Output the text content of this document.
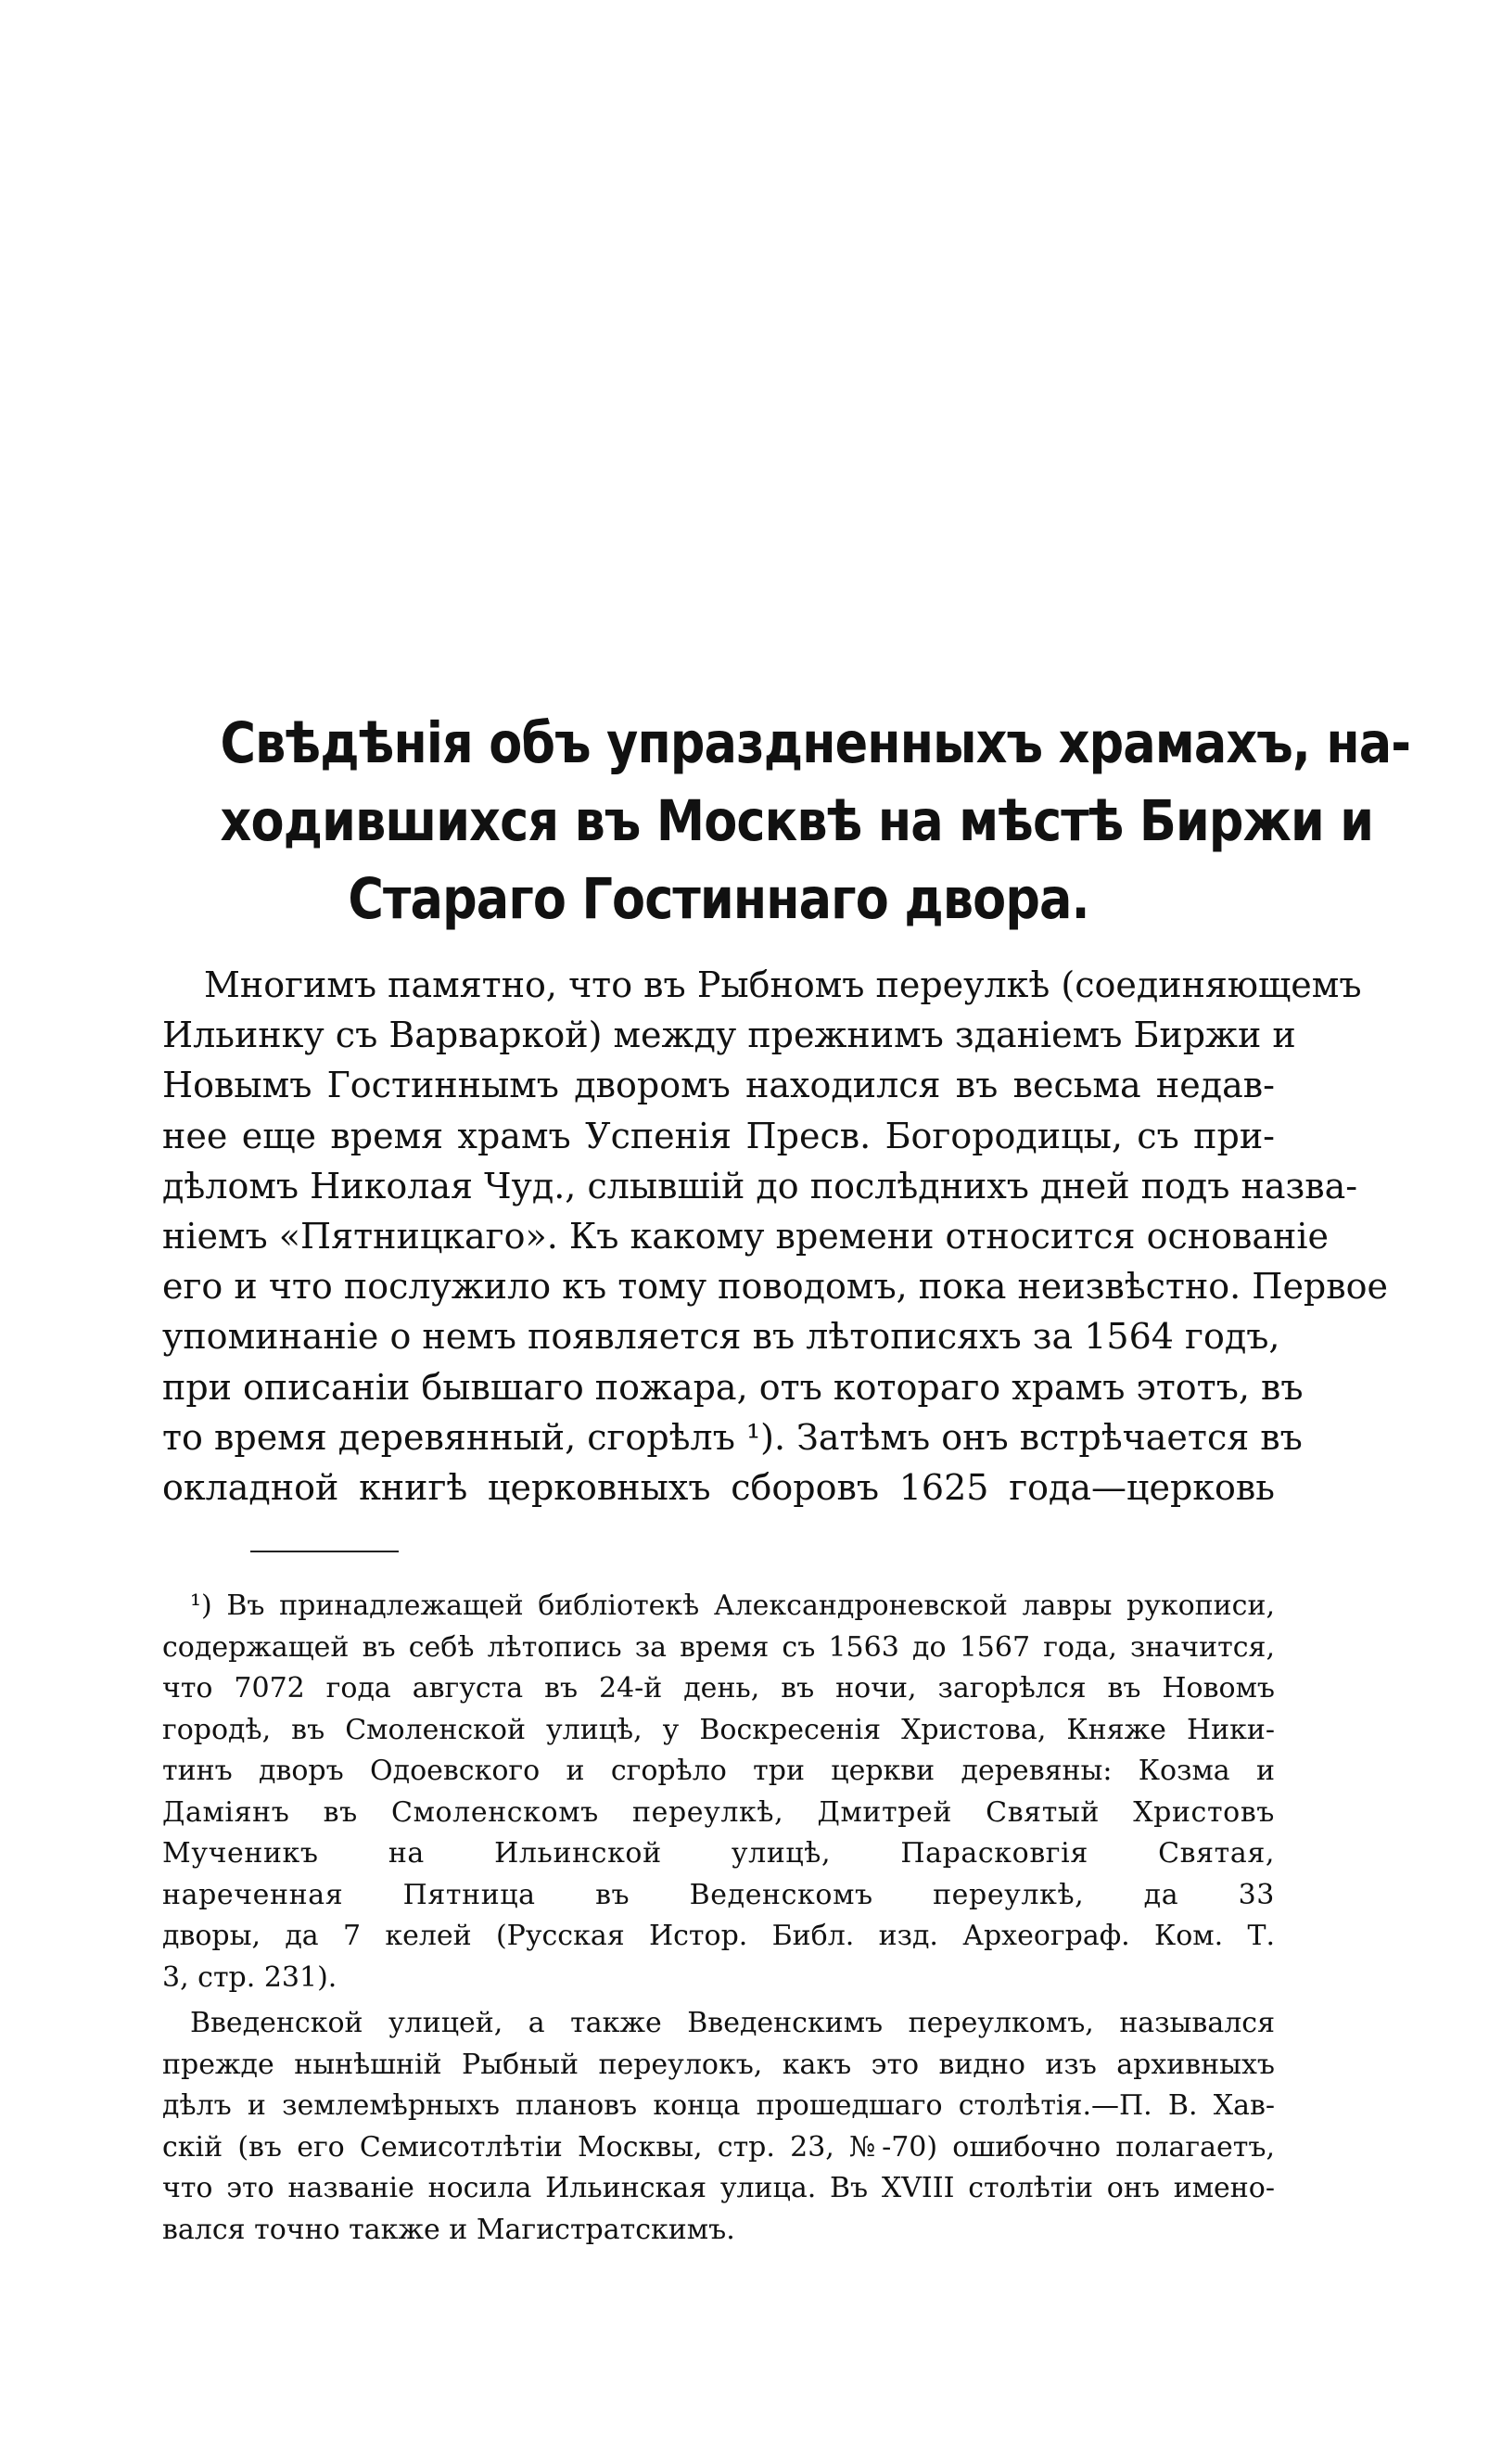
Свѣдѣнія объ упраздненныхъ храмахъ, на-
ходившихся въ Москвѣ на мѣстѣ Биржи и
Стараго Гостиннаго двора.
Многимъ памятно, что въ Рыбномъ переулкѣ (соединяющемъ
Ильинку съ Варваркой) между прежнимъ зданіемъ Биржи и
Новымъ Гостиннымъ дворомъ находился въ весьма недав-
нее еще время храмъ Успенія Пресв. Богородицы, съ при-
дѣломъ Николая Чуд., слывшій до послѣднихъ дней подъ назва-
ніемъ «Пятницкаго». Къ какому времени относится основаніе
его и что послужило къ тому поводомъ, пока неизвѣстно. Первое
упоминаніе о немъ появляется въ лѣтописяхъ за 1564 годъ,
при описаніи бывшаго пожара, отъ котораго храмъ этотъ, въ
то время деревянный, сгорѣлъ ¹). Затѣмъ онъ встрѣчается въ
окладной книгѣ церковныхъ сборовъ 1625 года—церковь
¹) Въ принадлежащей библіотекѣ Александроневской лавры рукописи,
содержащей въ себѣ лѣтопись за время съ 1563 до 1567 года, значится,
что 7072 года августа въ 24-й день, въ ночи, загорѣлся въ Новомъ
городѣ, въ Смоленской улицѣ, у Воскресенія Христова, Княже Ники-
тинъ дворъ Одоевского и сгорѣло три церкви деревяны: Козма и
Даміянъ въ Смоленскомъ переулкѣ, Дмитрей Святый Христовъ
Мученикъ на Ильинской улицѣ, Парасковгія Святая,
нареченная Пятница въ Веденскомъ переулкѣ, да 33
дворы, да 7 келей (Русская Истор. Библ. изд. Археограф. Ком. Т.
3, стр. 231).
Введенской улицей, а также Введенскимъ переулкомъ, назывался
прежде нынѣшній Рыбный переулокъ, какъ это видно изъ архивныхъ
дѣлъ и землемѣрныхъ плановъ конца прошедшаго столѣтія.—П. В. Хав-
скій (въ его Семисотлѣтіи Москвы, стр. 23, №-70) ошибочно полагаетъ,
что это названіе носила Ильинская улица. Въ XVIII столѣтіи онъ имено-
вался точно также и Магистратскимъ.
